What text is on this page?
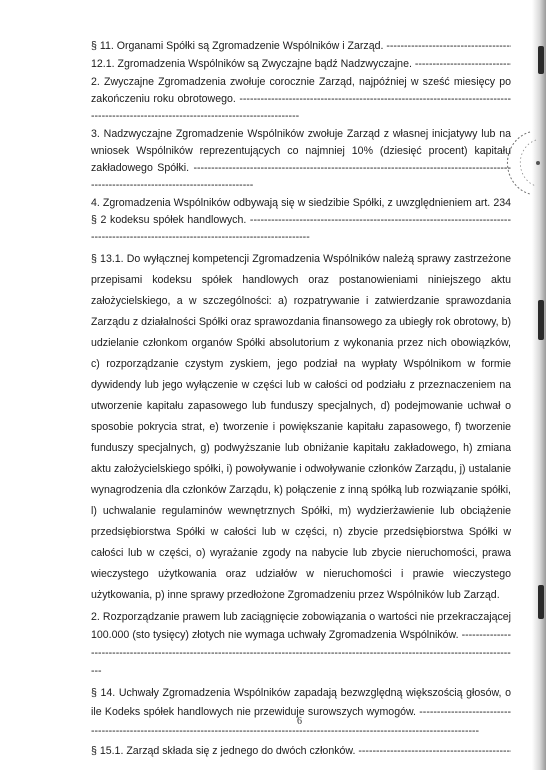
§ 11. Organami Spółki są Zgromadzenie Wspólników i Zarząd. -----

12.1. Zgromadzenia Wspólników są Zwyczajne bądź Nadzwyczajne. -----

2. Zwyczajne Zgromadzenia zwołuje corocznie Zarząd, najpóźniej w sześć miesięcy po zakończeniu roku obrotowego. -----

3. Nadzwyczajne Zgromadzenie Wspólników zwołuje Zarząd z własnej inicjatywy lub na wniosek Wspólników reprezentujących co najmniej 10% (dziesięć procent) kapitału zakładowego Spółki. -----

4. Zgromadzenia Wspólników odbywają się w siedzibie Spółki, z uwzględnieniem art. 234 § 2 kodeksu spółek handlowych. -----

§ 13.1. Do wyłącznej kompetencji Zgromadzenia Wspólników należą sprawy zastrzeżone przepisami kodeksu spółek handlowych oraz postanowieniami niniejszego aktu założycielskiego, a w szczególności: a) rozpatrywanie i zatwierdzanie sprawozdania Zarządu z działalności Spółki oraz sprawozdania finansowego za ubiegły rok obrotowy, b) udzielanie członkom organów Spółki absolutorium z wykonania przez nich obowiązków, c) rozporządzanie czystym zyskiem, jego podział na wypłaty Wspólnikom w formie dywidendy lub jego wyłączenie w części lub w całości od podziału z przeznaczeniem na utworzenie kapitału zapasowego lub funduszy specjalnych, d) podejmowanie uchwał o sposobie pokrycia strat, e) tworzenie i powiększanie kapitału zapasowego, f) tworzenie funduszy specjalnych, g) podwyższanie lub obniżanie kapitału zakładowego, h) zmiana aktu założycielskiego spółki, i) powoływanie i odwoływanie członków Zarządu, j) ustalanie wynagrodzenia dla członków Zarządu, k) połączenie z inną spółką lub rozwiązanie spółki, l) uchwalanie regulaminów wewnętrznych Spółki, m) wydzierżawienie lub obciążenie przedsiębiorstwa Spółki w całości lub w części, n) zbycie przedsiębiorstwa Spółki w całości lub w części, o) wyrażanie zgody na nabycie lub zbycie nieruchomości, prawa wieczystego użytkowania oraz udziałów w nieruchomości i prawie wieczystego użytkowania, p) inne sprawy przedłożone Zgromadzeniu przez Wspólników lub Zarząd.

2. Rozporządzanie prawem lub zaciągnięcie zobowiązania o wartości nie przekraczającej 100.000 (sto tysięcy) złotych nie wymaga uchwały Zgromadzenia Wspólników. -----

§ 14. Uchwały Zgromadzenia Wspólników zapadają bezwzględną większością głosów, o ile Kodeks spółek handlowych nie przewiduje surowszych wymogów. -----

§ 15.1. Zarząd składa się z jednego do dwóch członków. -----

6
